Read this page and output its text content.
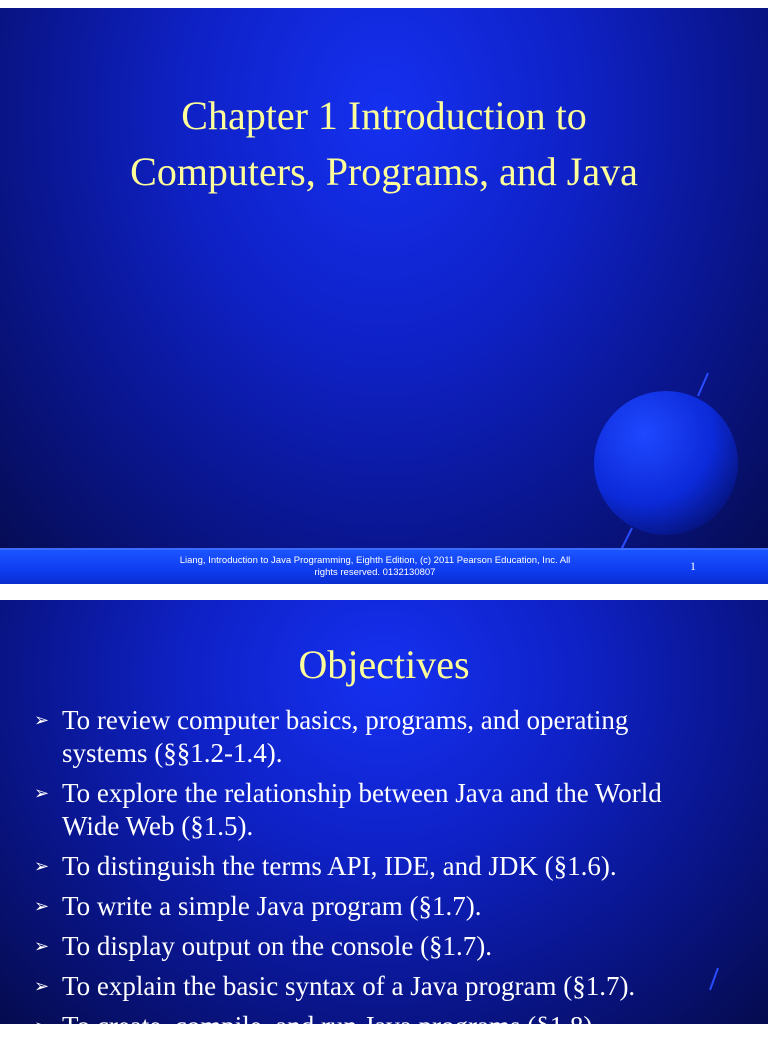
Chapter 1 Introduction to
Computers, Programs, and Java
Liang, Introduction to Java Programming, Eighth Edition, (c) 2011 Pearson Education, Inc. All
rights reserved. 0132130807	1
Objectives
➢ To review computer basics, programs, and operating
systems (§§1.2-1.4).
➢ To explore the relationship between Java and the World
Wide Web (§1.5).
➢ To distinguish the terms API, IDE, and JDK (§1.6).
➢ To write a simple Java program (§1.7).
➢ To display output on the console (§1.7).
➢ To explain the basic syntax of a Java program (§1.7).
➢ To create, compile, and run Java programs (§1.8).
